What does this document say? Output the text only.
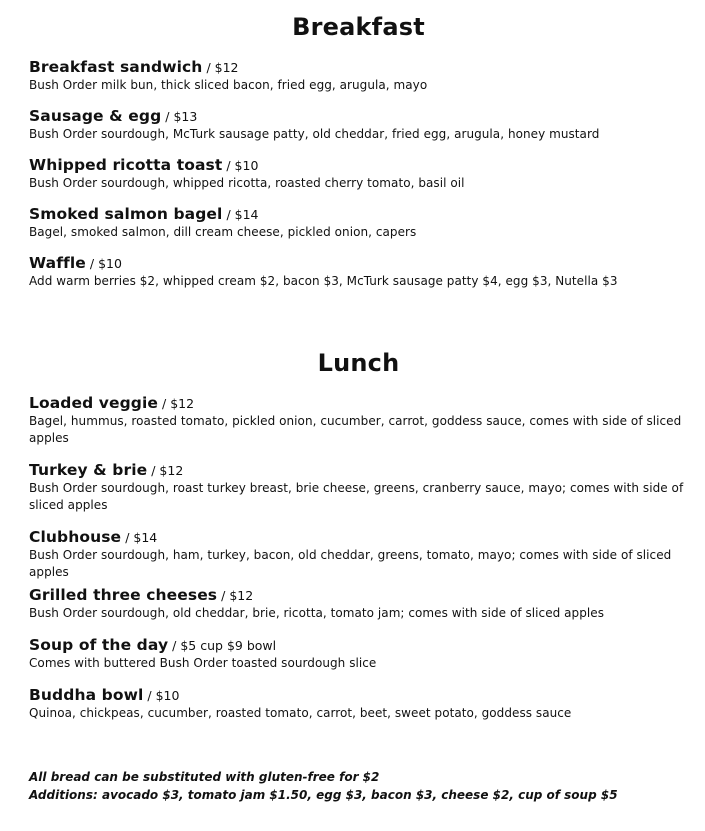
Breakfast
Breakfast sandwich / $12
Bush Order milk bun, thick sliced bacon, fried egg, arugula, mayo
Sausage & egg / $13
Bush Order sourdough, McTurk sausage patty, old cheddar, fried egg, arugula, honey mustard
Whipped ricotta toast / $10
Bush Order sourdough, whipped ricotta, roasted cherry tomato, basil oil
Smoked salmon bagel / $14
Bagel, smoked salmon, dill cream cheese, pickled onion, capers
Waffle / $10
Add warm berries $2, whipped cream $2, bacon $3, McTurk sausage patty $4, egg $3, Nutella $3
Lunch
Loaded veggie / $12
Bagel, hummus, roasted tomato, pickled onion, cucumber, carrot, goddess sauce, comes with side of sliced apples
Turkey & brie / $12
Bush Order sourdough, roast turkey breast, brie cheese, greens, cranberry sauce, mayo; comes with side of sliced apples
Clubhouse / $14
Bush Order sourdough, ham, turkey, bacon, old cheddar, greens, tomato, mayo; comes with side of sliced apples
Grilled three cheeses / $12
Bush Order sourdough, old cheddar, brie, ricotta, tomato jam; comes with side of sliced apples
Soup of the day / $5 cup $9 bowl
Comes with buttered Bush Order toasted sourdough slice
Buddha bowl / $10
Quinoa, chickpeas, cucumber, roasted tomato, carrot, beet, sweet potato, goddess sauce
All bread can be substituted with gluten-free for $2
Additions: avocado $3, tomato jam $1.50, egg $3, bacon $3, cheese $2, cup of soup $5
